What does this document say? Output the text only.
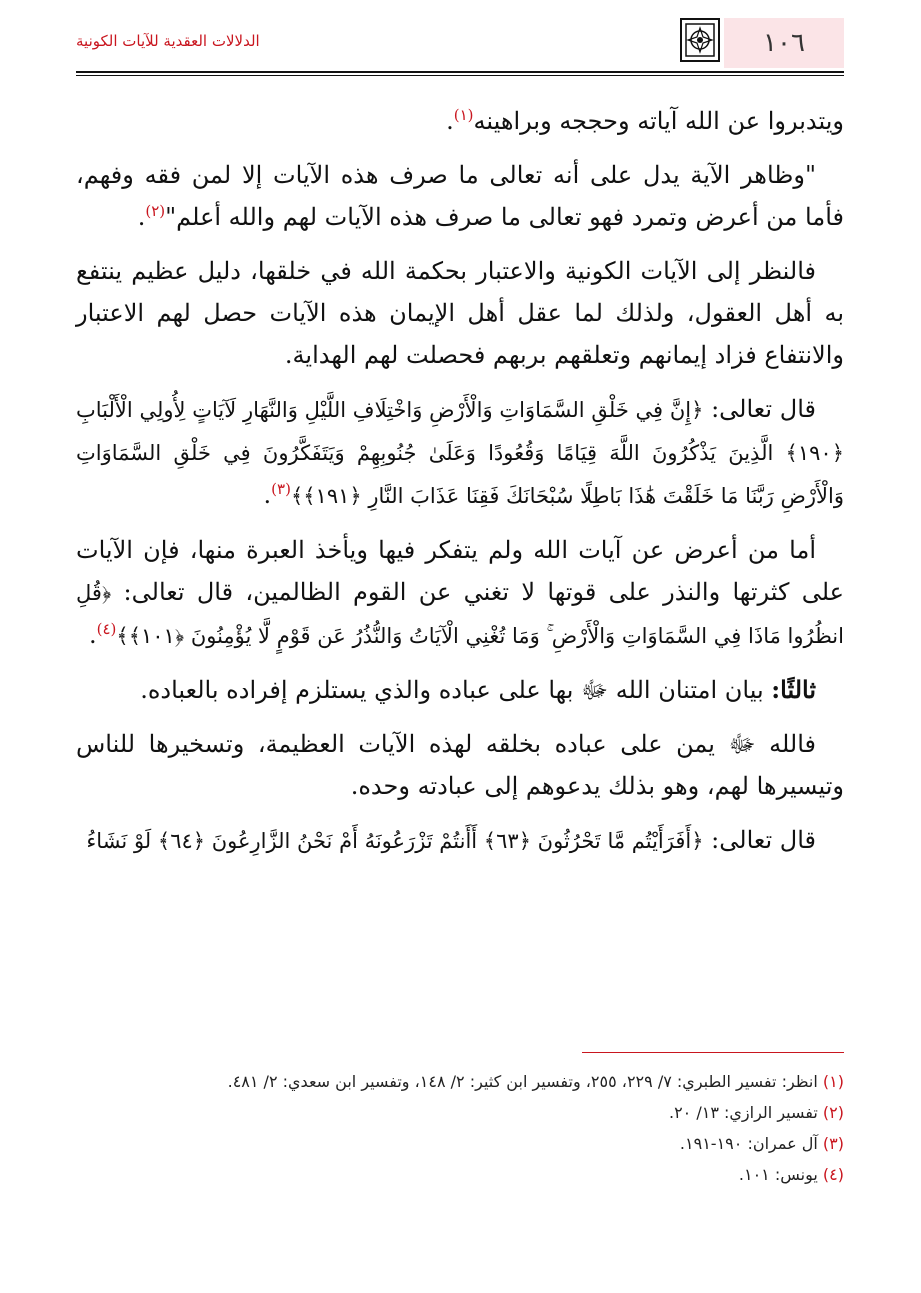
١٠٦
الدلالات العقدية للآيات الكونية

ويتدبروا عن الله آياته وحججه وبراهينه$^{(١)}$.

"وظاهر الآية يدل على أنه تعالى ما صرف هذه الآيات إلا لمن فقه وفهم، فأما من أعرض وتمرد فهو تعالى ما صرف هذه الآيات لهم والله أعلم"$^{(٢)}$.

فالنظر إلى الآيات الكونية والاعتبار بحكمة الله في خلقها، دليل عظيم ينتفع به أهل العقول، ولذلك لما عقل أهل الإيمان هذه الآيات حصل لهم الاعتبار والانتفاع فزاد إيمانهم وتعلقهم بربهم فحصلت لهم الهداية.

قال تعالى: ﴿إِنَّ فِي خَلْقِ السَّمَاوَاتِ وَالْأَرْضِ وَاخْتِلَافِ اللَّيْلِ وَالنَّهَارِ لَآيَاتٍ لِأُولِي الْأَلْبَابِ ﴿١٩٠﴾ الَّذِينَ يَذْكُرُونَ اللَّهَ قِيَامًا وَقُعُودًا وَعَلَىٰ جُنُوبِهِمْ وَيَتَفَكَّرُونَ فِي خَلْقِ السَّمَاوَاتِ وَالْأَرْضِ رَبَّنَا مَا خَلَقْتَ هَٰذَا بَاطِلًا سُبْحَانَكَ فَقِنَا عَذَابَ النَّارِ ﴿١٩١﴾﴾$^{(٣)}$.

أما من أعرض عن آيات الله ولم يتفكر فيها ويأخذ العبرة منها، فإن الآيات على كثرتها والنذر على قوتها لا تغني عن القوم الظالمين، قال تعالى: ﴿قُلِ انظُرُوا مَاذَا فِي السَّمَاوَاتِ وَالْأَرْضِ ۚ وَمَا تُغْنِي الْآيَاتُ وَالنُّذُرُ عَن قَوْمٍ لَّا يُؤْمِنُونَ ﴿١٠١﴾﴾$^{(٤)}$.

ثالثًا: بيان امتنان الله ﷻ بها على عباده والذي يستلزم إفراده بالعباده.

فالله ﷻ يمن على عباده بخلقه لهذه الآيات العظيمة، وتسخيرها للناس وتيسيرها لهم، وهو بذلك يدعوهم إلى عبادته وحده.

قال تعالى: ﴿أَفَرَأَيْتُم مَّا تَحْرُثُونَ ﴿٦٣﴾ أَأَنتُمْ تَزْرَعُونَهُ أَمْ نَحْنُ الزَّارِعُونَ ﴿٦٤﴾ لَوْ نَشَاءُ

(١) انظر: تفسير الطبري: ٧/ ٢٢٩، ٢٥٥، وتفسير ابن كثير: ٢/ ١٤٨، وتفسير ابن سعدي: ٢/ ٤٨١.

(٢) تفسير الرازي: ١٣/ ٢٠.

(٣) آل عمران: ١٩٠-١٩١.

(٤) يونس: ١٠١.
